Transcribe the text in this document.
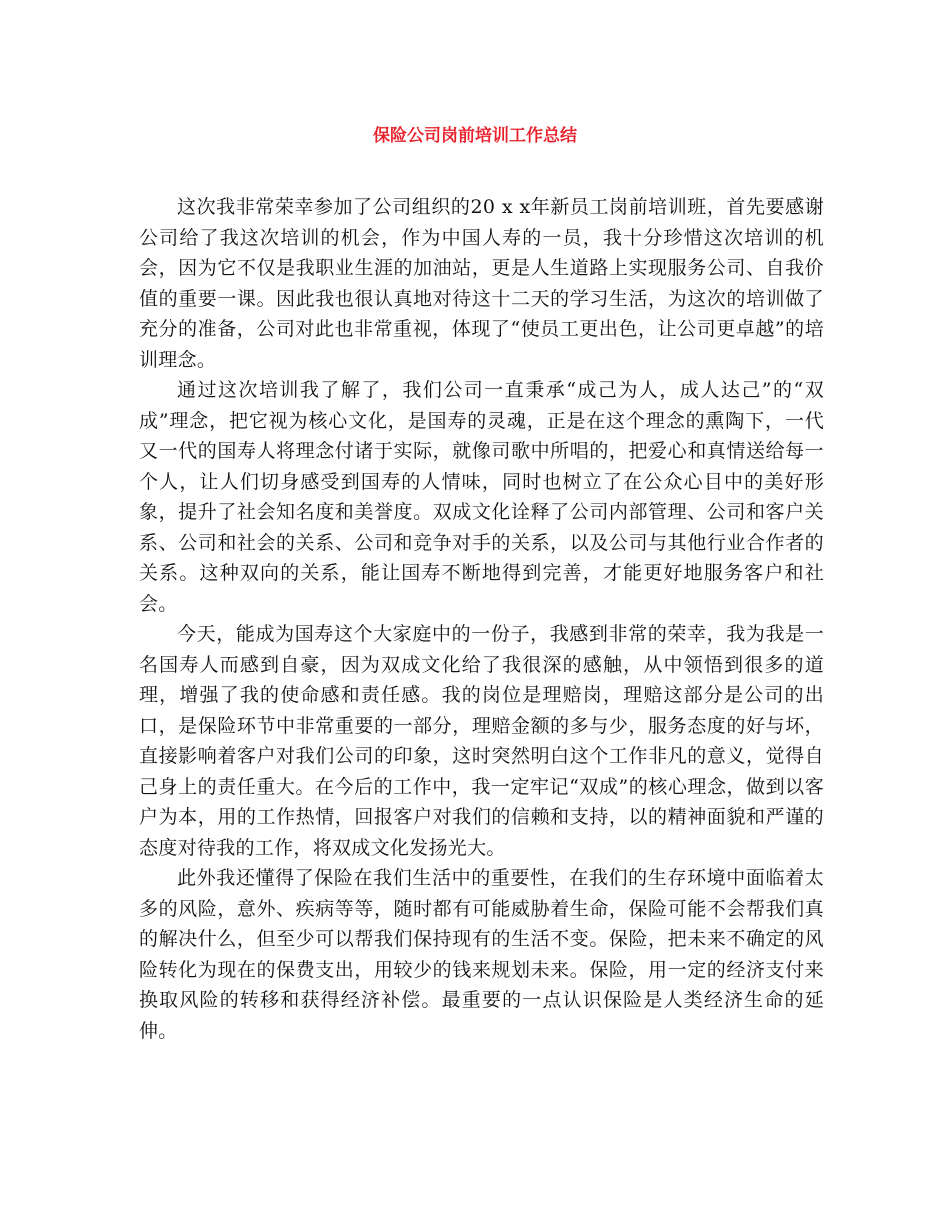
保险公司岗前培训工作总结

这次我非常荣幸参加了公司组织的20 x x年新员工岗前培训班，首先要感谢公司给了我这次培训的机会，作为中国人寿的一员，我十分珍惜这次培训的机会，因为它不仅是我职业生涯的加油站，更是人生道路上实现服务公司、自我价值的重要一课。因此我也很认真地对待这十二天的学习生活，为这次的培训做了充分的准备，公司对此也非常重视，体现了“使员工更出色，让公司更卓越”的培训理念。

通过这次培训我了解了，我们公司一直秉承“成己为人，成人达己”的“双成”理念，把它视为核心文化，是国寿的灵魂，正是在这个理念的熏陶下，一代又一代的国寿人将理念付诸于实际，就像司歌中所唱的，把爱心和真情送给每一个人，让人们切身感受到国寿的人情味，同时也树立了在公众心目中的美好形象，提升了社会知名度和美誉度。双成文化诠释了公司内部管理、公司和客户关系、公司和社会的关系、公司和竞争对手的关系，以及公司与其他行业合作者的关系。这种双向的关系，能让国寿不断地得到完善，才能更好地服务客户和社会。

今天，能成为国寿这个大家庭中的一份子，我感到非常的荣幸，我为我是一名国寿人而感到自豪，因为双成文化给了我很深的感触，从中领悟到很多的道理，增强了我的使命感和责任感。我的岗位是理赔岗，理赔这部分是公司的出口，是保险环节中非常重要的一部分，理赔金额的多与少，服务态度的好与坏，直接影响着客户对我们公司的印象，这时突然明白这个工作非凡的意义，觉得自己身上的责任重大。在今后的工作中，我一定牢记“双成”的核心理念，做到以客户为本，用的工作热情，回报客户对我们的信赖和支持，以的精神面貌和严谨的态度对待我的工作，将双成文化发扬光大。

此外我还懂得了保险在我们生活中的重要性，在我们的生存环境中面临着太多的风险，意外、疾病等等，随时都有可能威胁着生命，保险可能不会帮我们真的解决什么，但至少可以帮我们保持现有的生活不变。保险，把未来不确定的风险转化为现在的保费支出，用较少的钱来规划未来。保险，用一定的经济支付来换取风险的转移和获得经济补偿。最重要的一点认识保险是人类经济生命的延伸。
